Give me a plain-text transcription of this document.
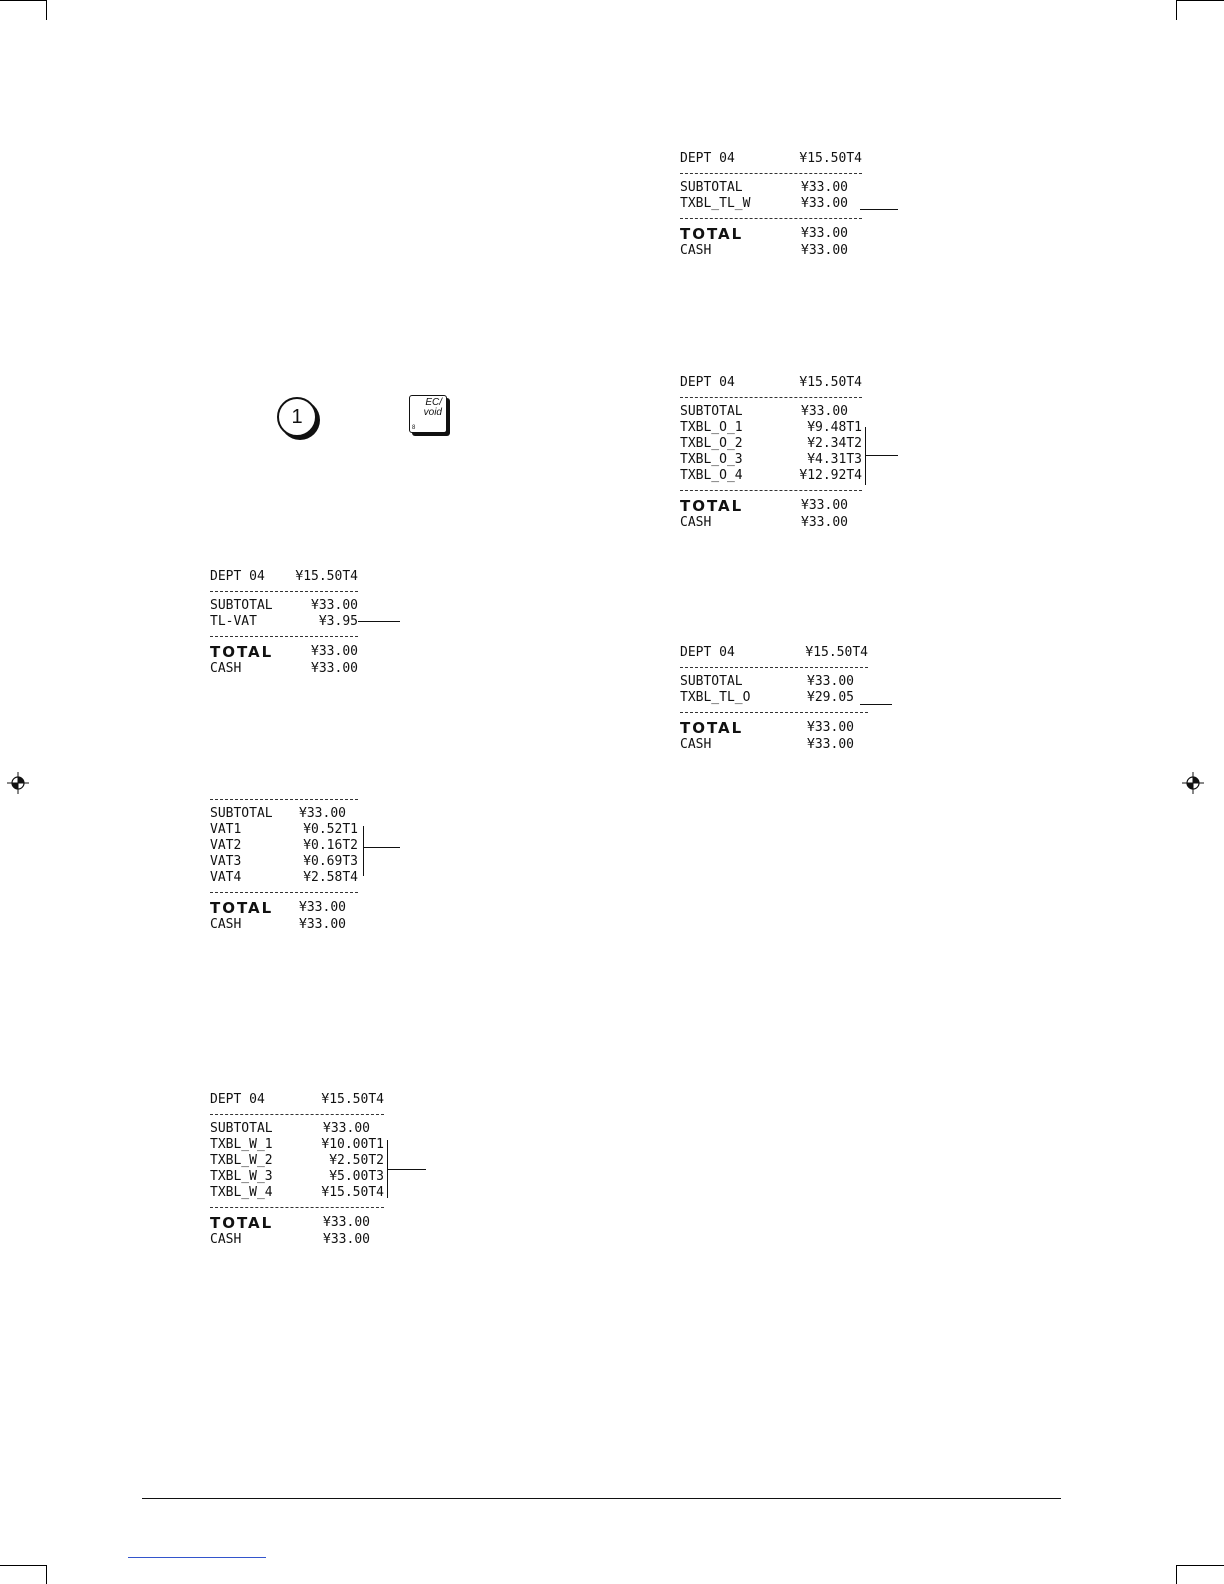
1
EC/
void
8
DEPT 04 ¥15.50T4
SUBTOTAL	¥33.00
TL-VAT	¥3.95
TOTAL	¥33.00
CASH	¥33.00
SUBTOTAL ¥33.00
VAT1	¥0.52T1
VAT2	¥0.16T2
VAT3	¥0.69T3
VAT4	¥2.58T4
TOTAL ¥33.00
CASH	¥33.00
DEPT 04	¥15.50T4
SUBTOTAL	¥33.00
TXBL_W_1	¥10.00T1
TXBL_W_2	¥2.50T2
TXBL_W_3	¥5.00T3
TXBL_W_4	¥15.50T4
TOTAL	¥33.00
CASH	¥33.00
DEPT 04	¥15.50T4
SUBTOTAL	¥33.00
TXBL_TL_W	¥33.00
TOTAL	¥33.00
CASH	¥33.00
DEPT 04	¥15.50T4
SUBTOTAL	¥33.00
TXBL_O_1	¥9.48T1
TXBL_O_2	¥2.34T2
TXBL_O_3	¥4.31T3
TXBL_O_4	¥12.92T4
TOTAL	¥33.00
CASH	¥33.00
DEPT 04	¥15.50T4
SUBTOTAL	¥33.00
TXBL_TL_O	¥29.05
TOTAL	¥33.00
CASH	¥33.00
